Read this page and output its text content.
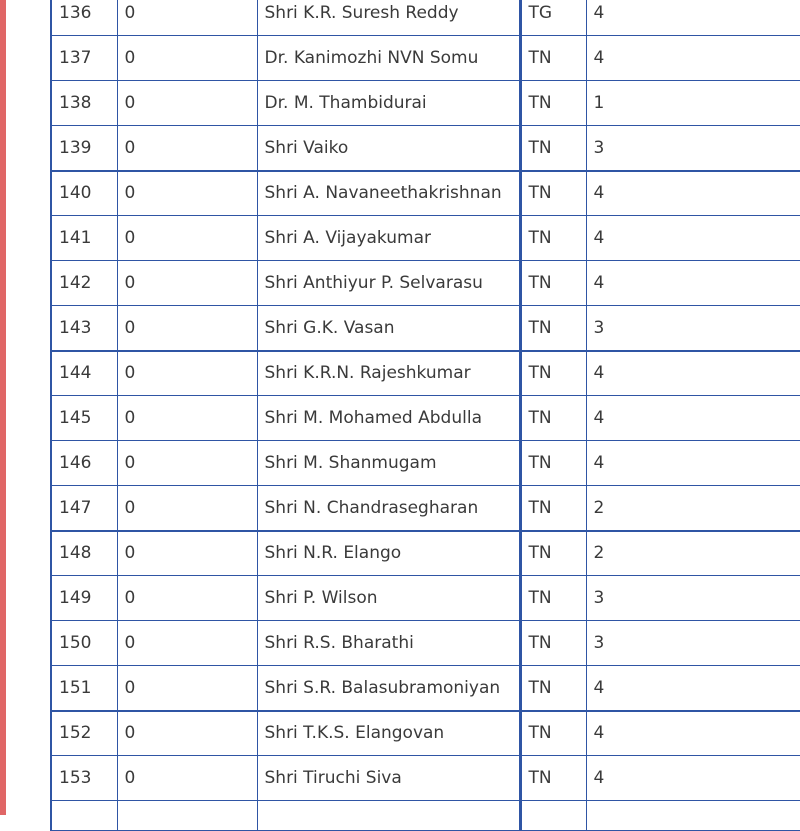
136	0	Shri K.R. Suresh Reddy	TG	4
137	0	Dr. Kanimozhi NVN Somu	TN	4
138	0	Dr. M. Thambidurai	TN	1
139	0	Shri Vaiko	TN	3
140	0	Shri A. Navaneethakrishnan	TN	4
141	0	Shri A. Vijayakumar	TN	4
142	0	Shri Anthiyur P. Selvarasu	TN	4
143	0	Shri G.K. Vasan	TN	3
144	0	Shri K.R.N. Rajeshkumar	TN	4
145	0	Shri M. Mohamed Abdulla	TN	4
146	0	Shri M. Shanmugam	TN	4
147	0	Shri N. Chandrasegharan	TN	2
148	0	Shri N.R. Elango	TN	2
149	0	Shri P. Wilson	TN	3
150	0	Shri R.S. Bharathi	TN	3
151	0	Shri S.R. Balasubramoniyan	TN	4
152	0	Shri T.K.S. Elangovan	TN	4
153	0	Shri Tiruchi Siva	TN	4
